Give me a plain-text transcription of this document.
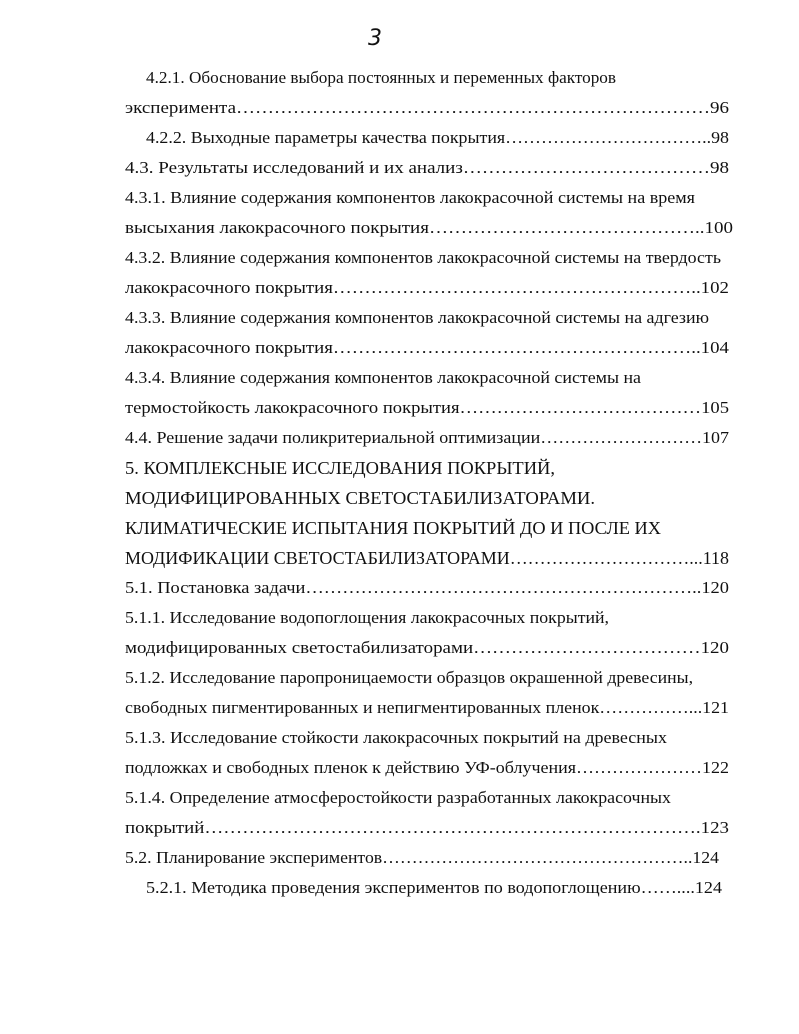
3
4.2.1. Обоснование выбора постоянных и переменных факторов
эксперимента…………………………………………………………………96
4.2.2. Выходные параметры качества покрытия……………………………..98
4.3. Результаты исследований и их анализ…………………………………98
4.3.1. Влияние содержания компонентов лакокрасочной системы на время
высыхания лакокрасочного покрытия……………………………………..100
4.3.2. Влияние содержания компонентов лакокрасочной системы на твердость
лакокрасочного покрытия…………………………………………………..102
4.3.3. Влияние содержания компонентов лакокрасочной системы на адгезию
лакокрасочного покрытия…………………………………………………..104
4.3.4. Влияние содержания компонентов лакокрасочной системы на
термостойкость лакокрасочного покрытия…………………………………105
4.4. Решение задачи поликритериальной оптимизации………………………107
5. КОМПЛЕКСНЫЕ ИССЛЕДОВАНИЯ ПОКРЫТИЙ,
МОДИФИЦИРОВАННЫХ СВЕТОСТАБИЛИЗАТОРАМИ.
КЛИМАТИЧЕСКИЕ ИСПЫТАНИЯ ПОКРЫТИЙ ДО И ПОСЛЕ ИХ
МОДИФИКАЦИИ СВЕТОСТАБИЛИЗАТОРАМИ…………………………...118
5.1. Постановка задачи………………………………………………………..120
5.1.1. Исследование водопоглощения лакокрасочных покрытий,
модифицированных светостабилизаторами………………………………120
5.1.2. Исследование паропроницаемости образцов окрашенной древесины,
свободных пигментированных и непигментированных пленок……………...121
5.1.3. Исследование стойкости лакокрасочных покрытий на древесных
подложках и свободных пленок к действию УФ-облучения…………………122
5.1.4. Определение атмосферостойкости разработанных лакокрасочных
покрытий…………………………………………………………………….123
5.2. Планирование экспериментов……………………………………………..124
5.2.1. Методика проведения экспериментов по водопоглощению……....124
